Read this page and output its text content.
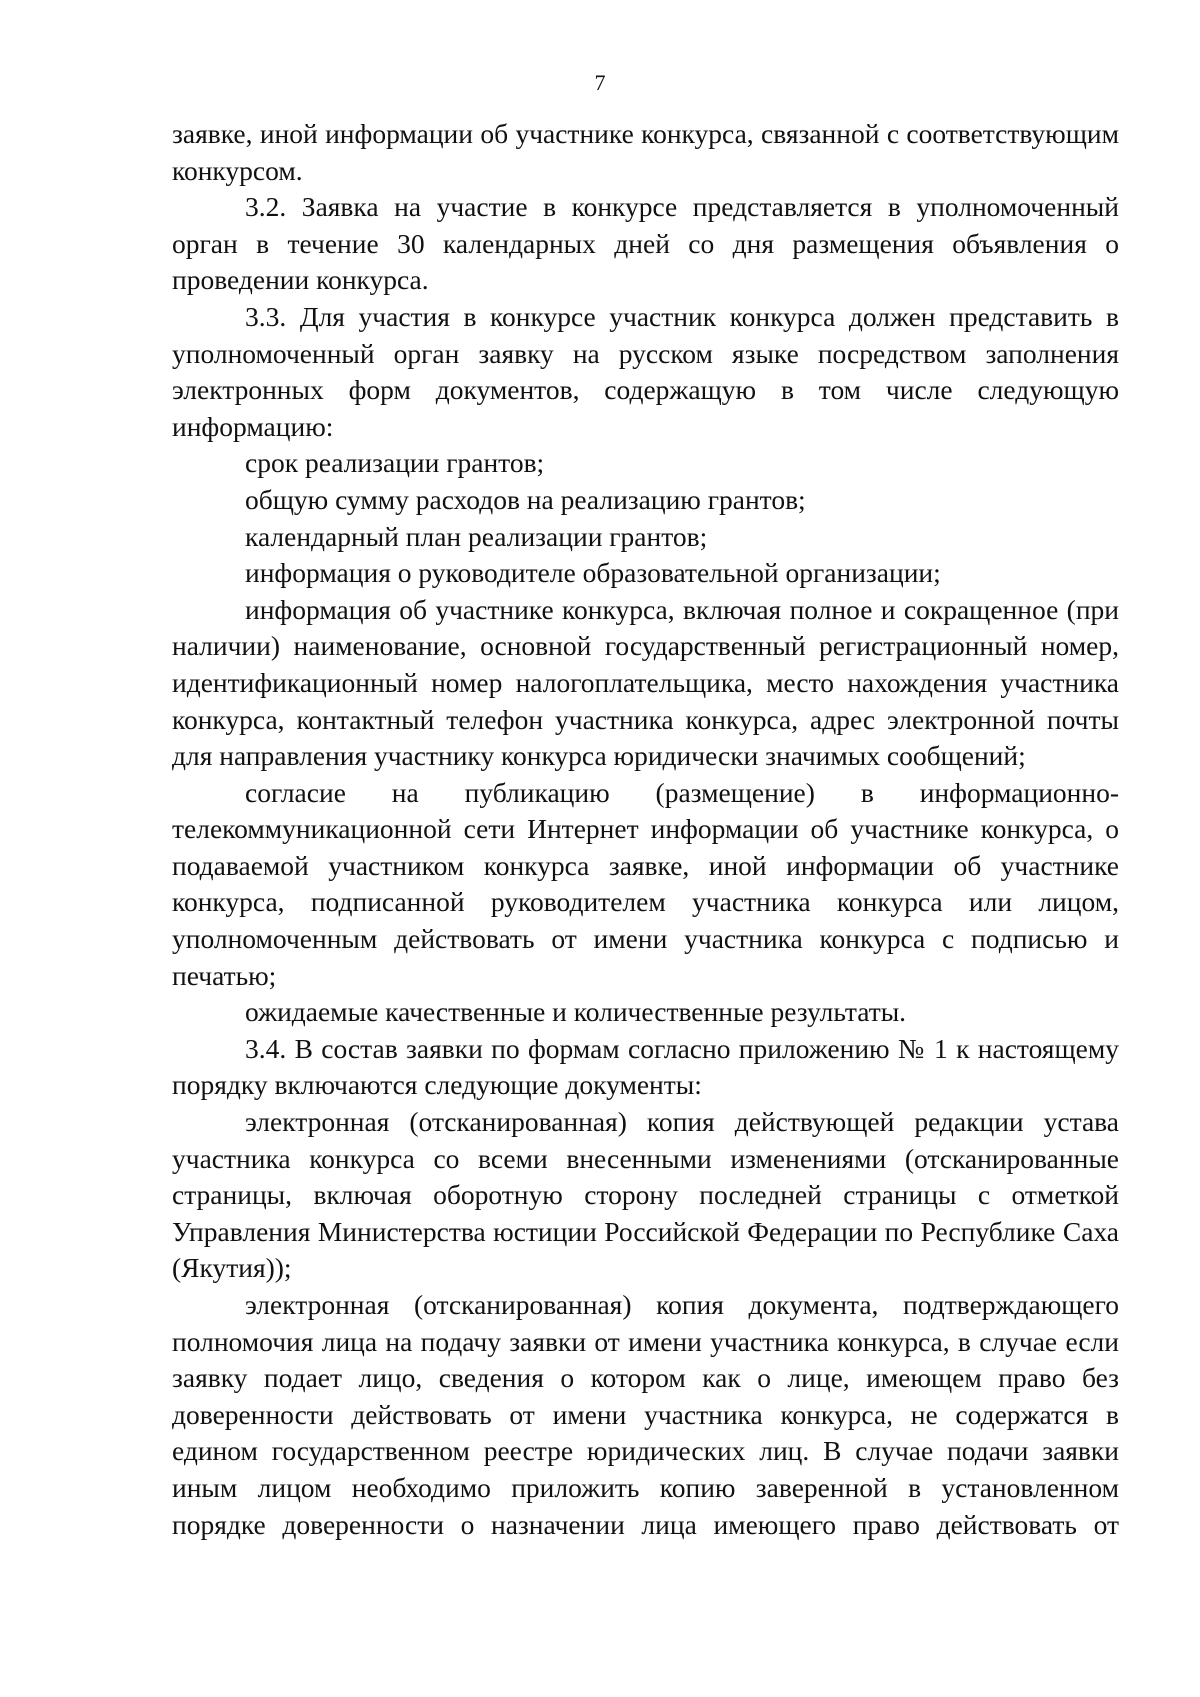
7

заявке, иной информации об участнике конкурса, связанной с соответствующим конкурсом.

3.2. Заявка на участие в конкурсе представляется в уполномоченный орган в течение 30 календарных дней со дня размещения объявления о проведении конкурса.

3.3. Для участия в конкурсе участник конкурса должен представить в уполномоченный орган заявку на русском языке посредством заполнения электронных форм документов, содержащую в том числе следующую информацию:

срок реализации грантов;

общую сумму расходов на реализацию грантов;

календарный план реализации грантов;

информация о руководителе образовательной организации;

информация об участнике конкурса, включая полное и сокращенное (при наличии) наименование, основной государственный регистрационный номер, идентификационный номер налогоплательщика, место нахождения участника конкурса, контактный телефон участника конкурса, адрес электронной почты для направления участнику конкурса юридически значимых сообщений;

согласие на публикацию (размещение) в информационно-телекоммуникационной сети Интернет информации об участнике конкурса, о подаваемой участником конкурса заявке, иной информации об участнике конкурса, подписанной руководителем участника конкурса или лицом, уполномоченным действовать от имени участника конкурса с подписью и печатью;

ожидаемые качественные и количественные результаты.

3.4. В состав заявки по формам согласно приложению № 1 к настоящему порядку включаются следующие документы:

электронная (отсканированная) копия действующей редакции устава участника конкурса со всеми внесенными изменениями (отсканированные страницы, включая оборотную сторону последней страницы с отметкой Управления Министерства юстиции Российской Федерации по Республике Саха (Якутия));

электронная (отсканированная) копия документа, подтверждающего полномочия лица на подачу заявки от имени участника конкурса, в случае если заявку подает лицо, сведения о котором как о лице, имеющем право без доверенности действовать от имени участника конкурса, не содержатся в едином государственном реестре юридических лиц. В случае подачи заявки иным лицом необходимо приложить копию заверенной в установленном порядке доверенности о назначении лица имеющего право действовать от
